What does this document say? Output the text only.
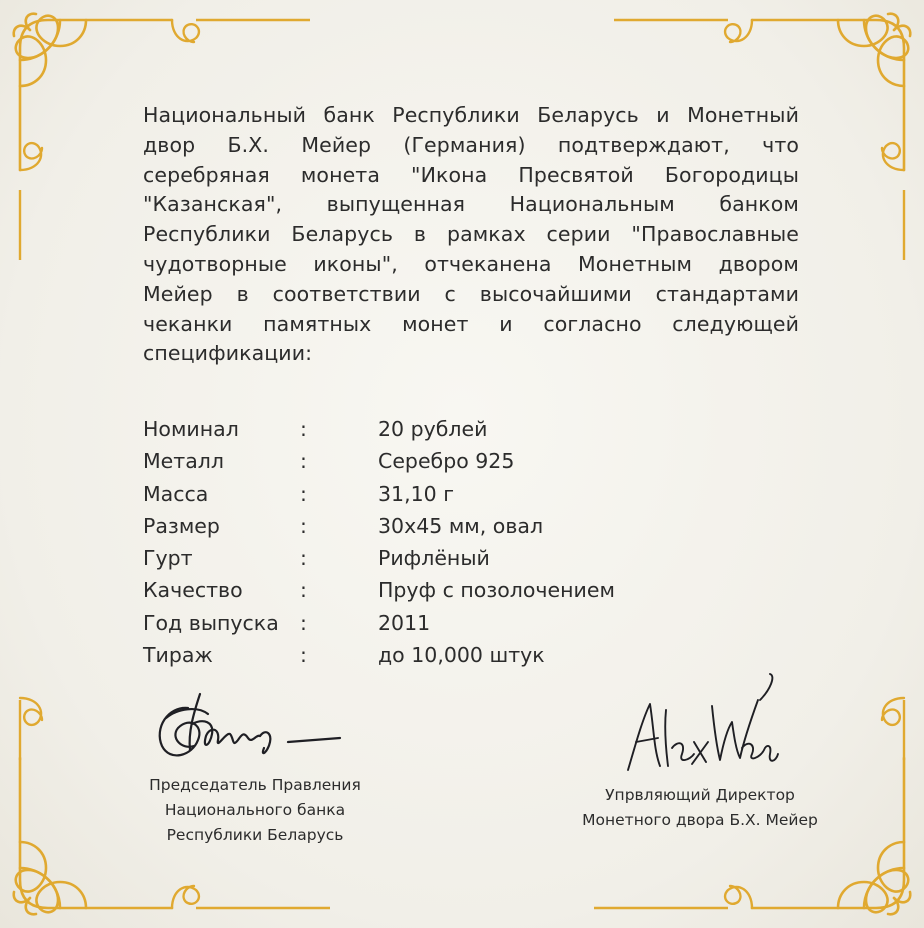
Национальный банк Республики Беларусь и Монетный
двор Б.Х. Мейер (Германия) подтверждают, что
серебряная монета "Икона Пресвятой Богородицы
"Казанская", выпущенная Национальным банком
Республики Беларусь в рамках серии "Православные
чудотворные иконы", отчеканена Монетным двором
Мейер в соответствии с высочайшими стандартами
чеканки памятных монет и согласно следующей
спецификации:
Номинал	:	20 рублей
Металл	:	Серебро 925
Масса	:	31,10 г
Размер	:	30х45 мм, овал
Гурт	:	Рифлёный
Качество	:	Пруф с позолочением
Год выпуска :	2011
Тираж	:	до 10,000 штук
Председатель Правления
Национального банка
Республики Беларусь
Упрвляющий Директор
Монетного двора Б.Х. Мейер
